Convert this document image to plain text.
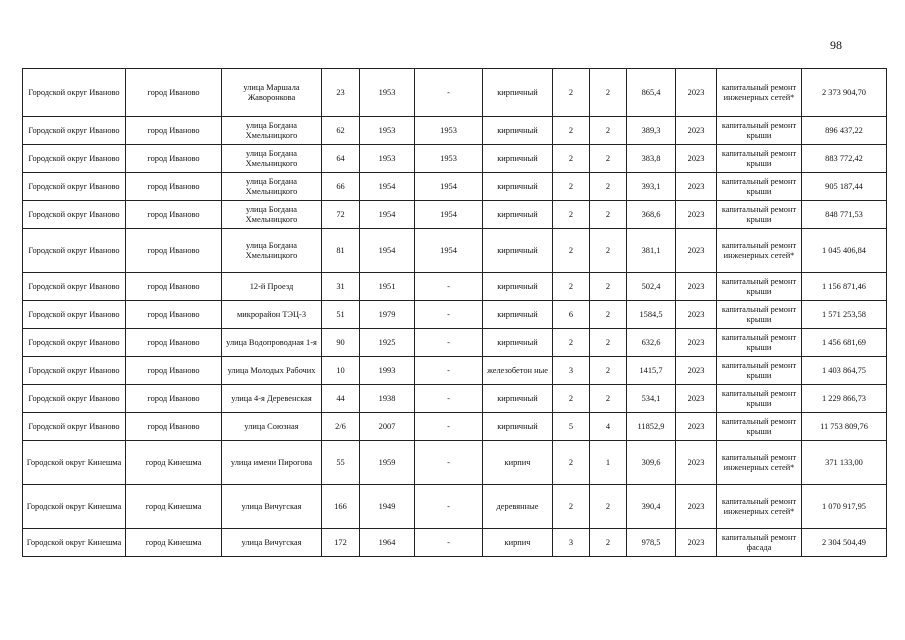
98
Городской округ Иваново	город Иваново	улица Маршала Жаворонкова	23	1953	-	кирпичный	2	2	865,4	2023	капитальный ремонт инженерных сетей*	2 373 904,70
Городской округ Иваново	город Иваново	улица Богдана Хмельницкого	62	1953	1953	кирпичный	2	2	389,3	2023	капитальный ремонт крыши	896 437,22
Городской округ Иваново	город Иваново	улица Богдана Хмельницкого	64	1953	1953	кирпичный	2	2	383,8	2023	капитальный ремонт крыши	883 772,42
Городской округ Иваново	город Иваново	улица Богдана Хмельницкого	66	1954	1954	кирпичный	2	2	393,1	2023	капитальный ремонт крыши	905 187,44
Городской округ Иваново	город Иваново	улица Богдана Хмельницкого	72	1954	1954	кирпичный	2	2	368,6	2023	капитальный ремонт крыши	848 771,53
Городской округ Иваново	город Иваново	улица Богдана Хмельницкого	81	1954	1954	кирпичный	2	2	381,1	2023	капитальный ремонт инженерных сетей*	1 045 406,84
Городской округ Иваново	город Иваново	12-й Проезд	31	1951	-	кирпичный	2	2	502,4	2023	капитальный ремонт крыши	1 156 871,46
Городской округ Иваново	город Иваново	микрорайон ТЭЦ-3	51	1979	-	кирпичный	6	2	1584,5	2023	капитальный ремонт крыши	1 571 253,58
Городской округ Иваново	город Иваново	улица Водопроводная 1-я	90	1925	-	кирпичный	2	2	632,6	2023	капитальный ремонт крыши	1 456 681,69
Городской округ Иваново	город Иваново	улица Молодых Рабочих	10	1993	-	железобетон ные	3	2	1415,7	2023	капитальный ремонт крыши	1 403 864,75
Городской округ Иваново	город Иваново	улица 4-я Деревенская	44	1938	-	кирпичный	2	2	534,1	2023	капитальный ремонт крыши	1 229 866,73
Городской округ Иваново	город Иваново	улица Союзная	2/6	2007	-	кирпичный	5	4	11852,9	2023	капитальный ремонт крыши	11 753 809,76
Городской округ Кинешма	город Кинешма	улица имени Пирогова	55	1959	-	кирпич	2	1	309,6	2023	капитальный ремонт инженерных сетей*	371 133,00
Городской округ Кинешма	город Кинешма	улица Вичугская	166	1949	-	деревянные	2	2	390,4	2023	капитальный ремонт инженерных сетей*	1 070 917,95
Городской округ Кинешма	город Кинешма	улица Вичугская	172	1964	-	кирпич	3	2	978,5	2023	капитальный ремонт фасада	2 304 504,49
